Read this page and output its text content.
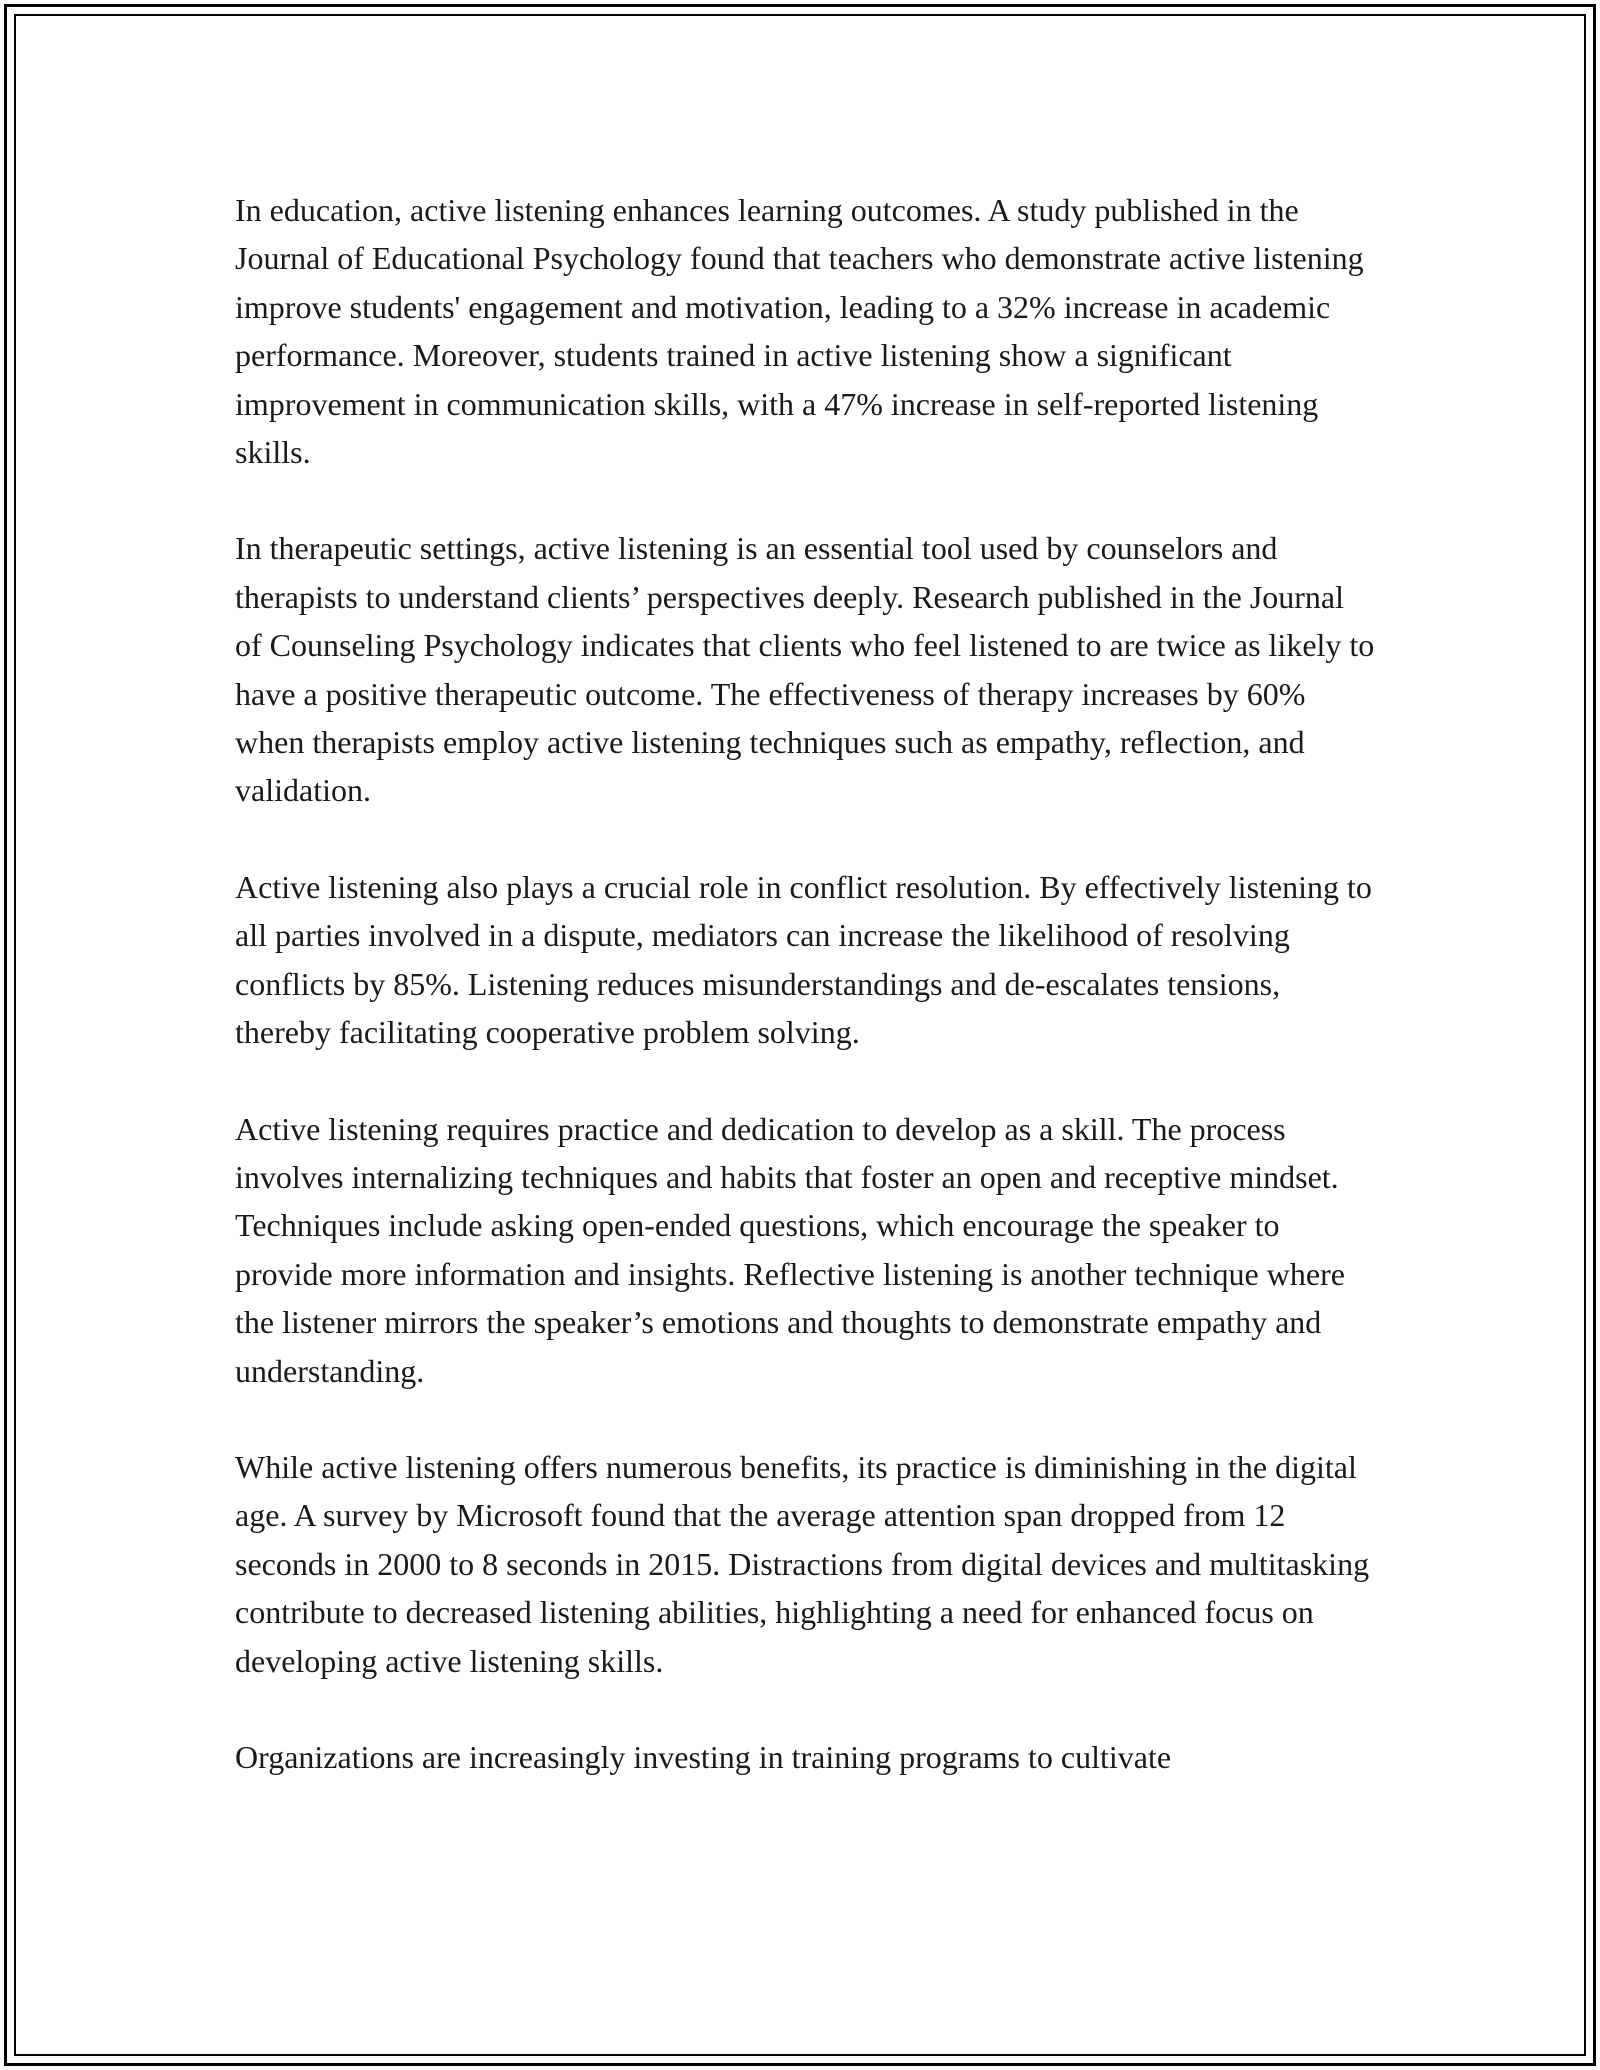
In education, active listening enhances learning outcomes. A study published in the Journal of Educational Psychology found that teachers who demonstrate active listening improve students' engagement and motivation, leading to a 32% increase in academic performance. Moreover, students trained in active listening show a significant improvement in communication skills, with a 47% increase in self-reported listening skills.

In therapeutic settings, active listening is an essential tool used by counselors and therapists to understand clients’ perspectives deeply. Research published in the Journal of Counseling Psychology indicates that clients who feel listened to are twice as likely to have a positive therapeutic outcome. The effectiveness of therapy increases by 60% when therapists employ active listening techniques such as empathy, reflection, and validation.

Active listening also plays a crucial role in conflict resolution. By effectively listening to all parties involved in a dispute, mediators can increase the likelihood of resolving conflicts by 85%. Listening reduces misunderstandings and de-escalates tensions, thereby facilitating cooperative problem solving.

Active listening requires practice and dedication to develop as a skill. The process involves internalizing techniques and habits that foster an open and receptive mindset. Techniques include asking open-ended questions, which encourage the speaker to provide more information and insights. Reflective listening is another technique where the listener mirrors the speaker’s emotions and thoughts to demonstrate empathy and understanding.

While active listening offers numerous benefits, its practice is diminishing in the digital age. A survey by Microsoft found that the average attention span dropped from 12 seconds in 2000 to 8 seconds in 2015. Distractions from digital devices and multitasking contribute to decreased listening abilities, highlighting a need for enhanced focus on developing active listening skills.

Organizations are increasingly investing in training programs to cultivate
